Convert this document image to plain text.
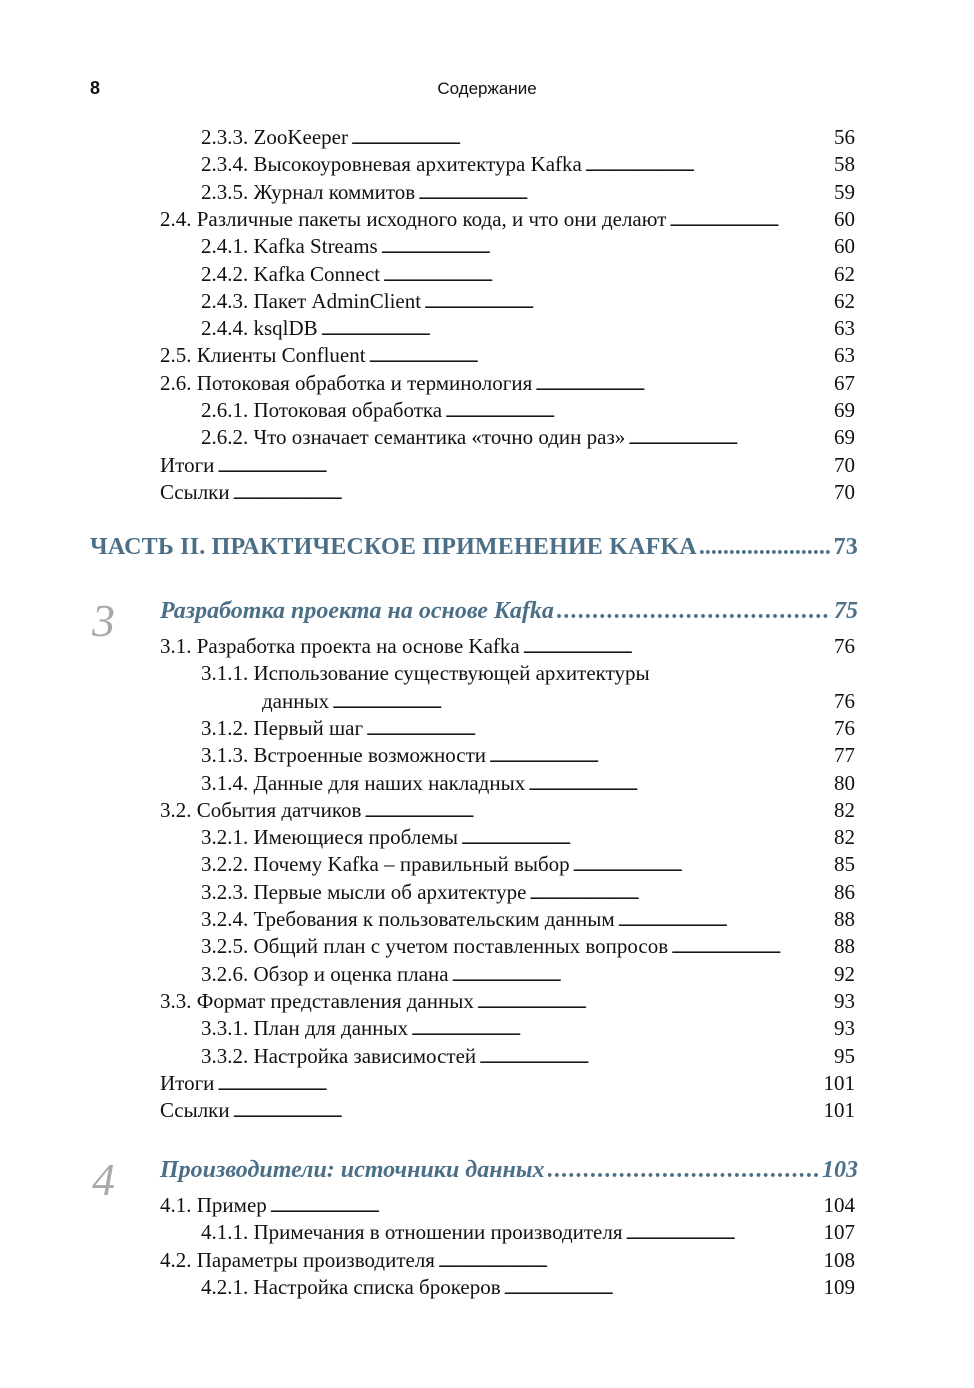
8	Содержание
2.3.3. ZooKeeper . . .	56
2.3.4. Высокоуровневая архитектура Kafka . . .	58
2.3.5. Журнал коммитов . . .	59
2.4. Различные пакеты исходного кода, и что они делают . . .	60
2.4.1. Kafka Streams . . .	60
2.4.2. Kafka Connect . . .	62
2.4.3. Пакет AdminClient . . .	62
2.4.4. ksqlDB . . .	63
2.5. Клиенты Confluent . . .	63
2.6. Потоковая обработка и терминология . . .	67
2.6.1. Потоковая обработка . . .	69
2.6.2. Что означает семантика «точно один раз» . . .	69
Итоги . . .	70
Ссылки . . .	70
ЧАСТЬ II. ПРАКТИЧЕСКОЕ ПРИМЕНЕНИЕ KAFKA .....	73
3 Разработка проекта на основе Kafka . . .	75
3.1. Разработка проекта на основе Kafka . . .	76
3.1.1. Использование существующей архитектуры
данных . . .	76
3.1.2. Первый шаг . . .	76
3.1.3. Встроенные возможности . . .	77
3.1.4. Данные для наших накладных . . .	80
3.2. События датчиков . . .	82
3.2.1. Имеющиеся проблемы . . .	82
3.2.2. Почему Kafka – правильный выбор . . .	85
3.2.3. Первые мысли об архитектуре . . .	86
3.2.4. Требования к пользовательским данным . . .	88
3.2.5. Общий план с учетом поставленных вопросов . . .	88
3.2.6. Обзор и оценка плана . . .	92
3.3. Формат представления данных . . .	93
3.3.1. План для данных . . .	93
3.3.2. Настройка зависимостей . . .	95
Итоги . . .	101
Ссылки . . .	101
4 Производители: источники данных . . .	103
4.1. Пример . . .	104
4.1.1. Примечания в отношении производителя . . .	107
4.2. Параметры производителя . . .	108
4.2.1. Настройка списка брокеров . . .	109
